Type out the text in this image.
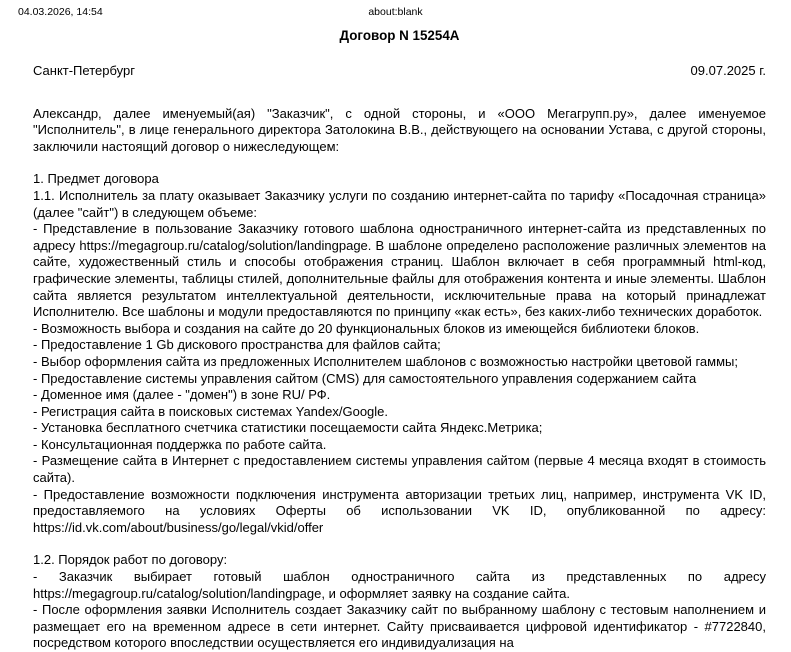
about:blank
04.03.2026, 14:54
Договор N 15254А
Санкт-Петербург	09.07.2025 г.

Александр, далее именуемый(ая) "Заказчик", с одной стороны, и «ООО Мегагрупп.ру», далее именуемое "Исполнитель", в лице генерального директора Затолокина В.В., действующего на основании Устава, с другой стороны, заключили настоящий договор о нижеследующем:

1. Предмет договора

1.1. Исполнитель за плату оказывает Заказчику услуги по созданию интернет-сайта по тарифу «Посадочная страница» (далее "сайт") в следующем объеме:

- Представление в пользование Заказчику готового шаблона одностраничного интернет-сайта из представленных по адресу https://megagroup.ru/catalog/solution/landingpage. В шаблоне определено расположение различных элементов на сайте, художественный стиль и способы отображения страниц. Шаблон включает в себя программный html-код, графические элементы, таблицы стилей, дополнительные файлы для отображения контента и иные элементы. Шаблон сайта является результатом интеллектуальной деятельности, исключительные права на который принадлежат Исполнителю. Все шаблоны и модули предоставляются по принципу «как есть», без каких-либо технических доработок.

- Возможность выбора и создания на сайте до 20 функциональных блоков из имеющейся библиотеки блоков.

- Предоставление 1 Gb дискового пространства для файлов сайта;

- Выбор оформления сайта из предложенных Исполнителем шаблонов с возможностью настройки цветовой гаммы;

- Предоставление системы управления сайтом (CMS) для самостоятельного управления содержанием сайта

- Доменное имя (далее - "домен") в зоне RU/ РФ.

- Регистрация сайта в поисковых системах Yandex/Google.

- Установка бесплатного счетчика статистики посещаемости сайта Яндекс.Метрика;

- Консультационная поддержка по работе сайта.

- Размещение сайта в Интернет с предоставлением системы управления сайтом (первые 4 месяца входят в стоимость сайта).

- Предоставление возможности подключения инструмента авторизации третьих лиц, например, инструмента VK ID, предоставляемого на условиях Оферты об использовании VK ID, опубликованной по адресу: https://id.vk.com/about/business/go/legal/vkid/offer

1.2. Порядок работ по договору:

- Заказчик выбирает готовый шаблон одностраничного сайта из представленных по адресу https://megagroup.ru/catalog/solution/landingpage, и оформляет заявку на создание сайта.

- После оформления заявки Исполнитель создает Заказчику сайт по выбранному шаблону с тестовым наполнением и размещает его на временном адресе в сети интернет. Сайту присваивается цифровой идентификатор - #7722840, посредством которого впоследствии осуществляется его индивидуализация на
